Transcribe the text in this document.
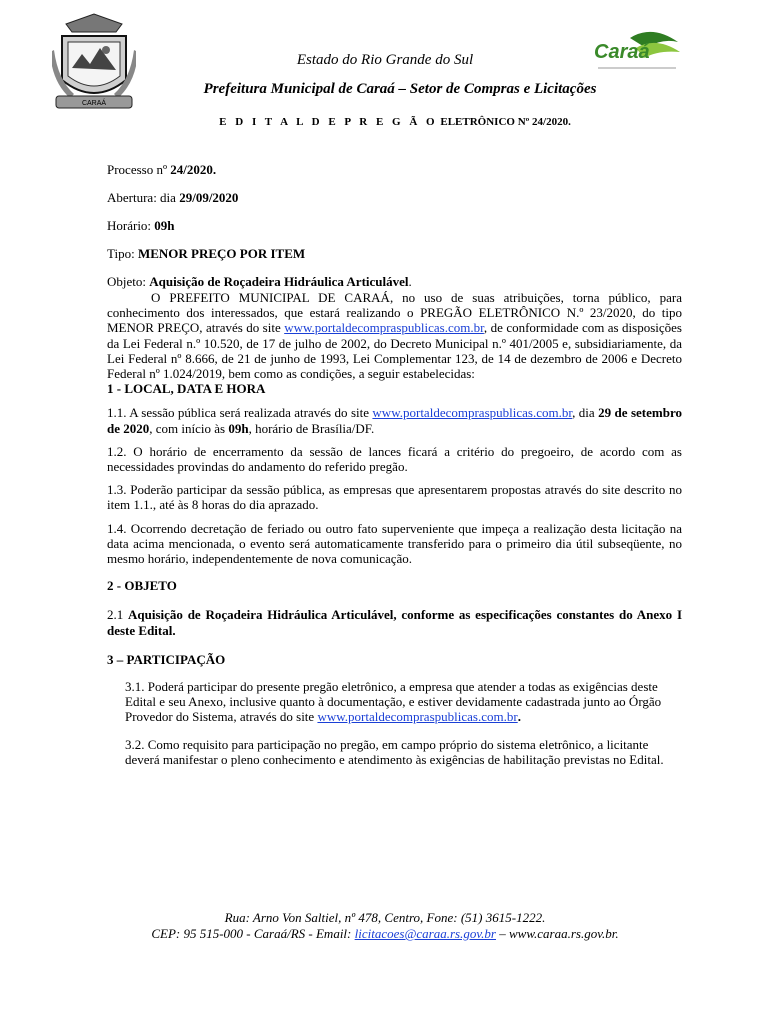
CARAÁ
Caraá
Estado do Rio Grande do Sul
Prefeitura Municipal de Caraá – Setor de Compras e Licitações
E D I T A L D E P R E G Ã O ELETRÔNICO Nº 24/2020.
Processo nº 24/2020.
Abertura: dia 29/09/2020
Horário: 09h
Tipo: MENOR PREÇO POR ITEM
Objeto: Aquisição de Roçadeira Hidráulica Articulável.
O PREFEITO MUNICIPAL DE CARAÁ, no uso de suas atribuições, torna público, para conhecimento dos interessados, que estará realizando o PREGÃO ELETRÔNICO N.º 23/2020, do tipo MENOR PREÇO, através do site www.portaldecompraspublicas.com.br, de conformidade com as disposições da Lei Federal n.º 10.520, de 17 de julho de 2002, do Decreto Municipal n.º 401/2005 e, subsidiariamente, da Lei Federal nº 8.666, de 21 de junho de 1993, Lei Complementar 123, de 14 de dezembro de 2006 e Decreto Federal nº 1.024/2019, bem como as condições, a seguir estabelecidas:
1 - LOCAL, DATA E HORA
1.1. A sessão pública será realizada através do site www.portaldecompraspublicas.com.br, dia 29 de setembro de 2020, com início às 09h, horário de Brasília/DF.
1.2. O horário de encerramento da sessão de lances ficará a critério do pregoeiro, de acordo com as necessidades provindas do andamento do referido pregão.
1.3. Poderão participar da sessão pública, as empresas que apresentarem propostas através do site descrito no item 1.1., até às 8 horas do dia aprazado.
1.4. Ocorrendo decretação de feriado ou outro fato superveniente que impeça a realização desta licitação na data acima mencionada, o evento será automaticamente transferido para o primeiro dia útil subseqüente, no mesmo horário, independentemente de nova comunicação.
2 - OBJETO
2.1 Aquisição de Roçadeira Hidráulica Articulável, conforme as especificações constantes do Anexo I deste Edital.
3 – PARTICIPAÇÃO
3.1. Poderá participar do presente pregão eletrônico, a empresa que atender a todas as exigências deste Edital e seu Anexo, inclusive quanto à documentação, e estiver devidamente cadastrada junto ao Órgão Provedor do Sistema, através do site www.portaldecompraspublicas.com.br.
3.2. Como requisito para participação no pregão, em campo próprio do sistema eletrônico, a licitante deverá manifestar o pleno conhecimento e atendimento às exigências de habilitação previstas no Edital.
Rua: Arno Von Saltiel, nº 478, Centro, Fone: (51) 3615-1222.
CEP: 95 515-000 - Caraá/RS - Email: licitacoes@caraa.rs.gov.br – www.caraa.rs.gov.br.
